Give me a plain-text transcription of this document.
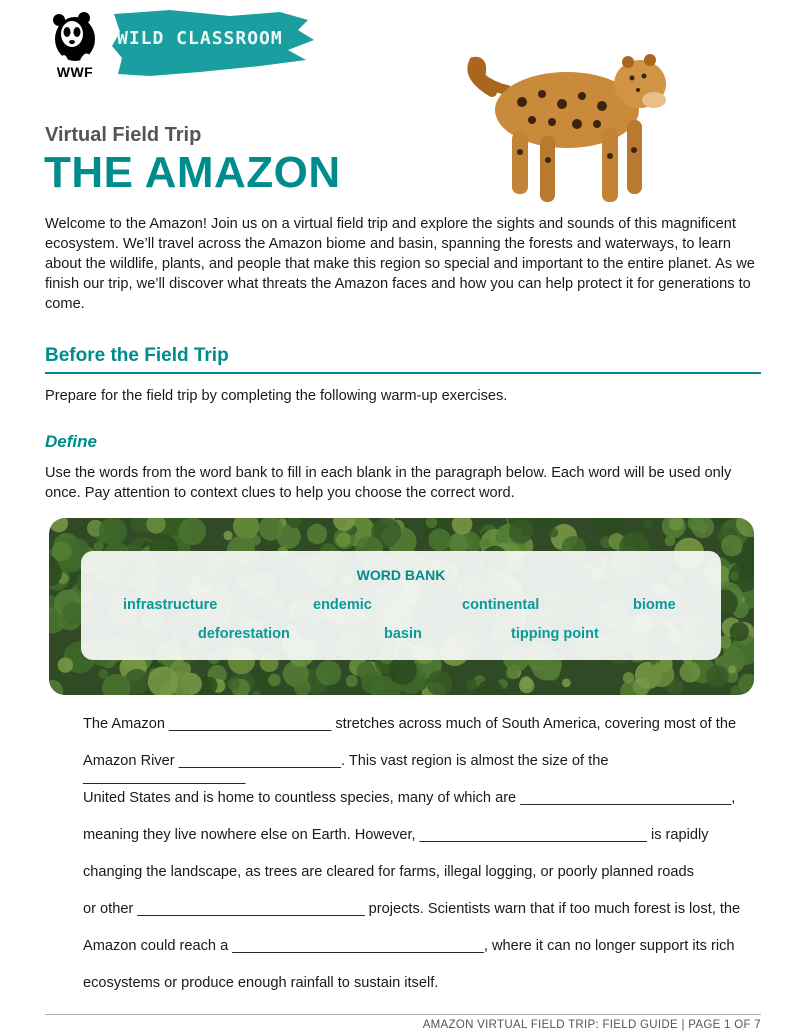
WWF
WILD CLASSROOM
Virtual Field Trip
THE AMAZON
Welcome to the Amazon! Join us on a virtual field trip and explore the sights and sounds of this magnificent ecosystem. We’ll travel across the Amazon biome and basin, spanning the forests and waterways, to learn about the wildlife, plants, and people that make this region so special and important to the entire planet. As we finish our trip, we’ll discover what threats the Amazon faces and how you can help protect it for generations to come.
Before the Field Trip
Prepare for the field trip by completing the following warm-up exercises.
Define
Use the words from the word bank to fill in each blank in the paragraph below. Each word will be used only once. Pay attention to context clues to help you choose the correct word.
WORD BANK
infrastructure	endemic	continental	biome
deforestation	basin	tipping point
The Amazon ____________________ stretches across much of South America, covering most of the
Amazon River ____________________. This vast region is almost the size of the ____________________
United States and is home to countless species, many of which are __________________________,
meaning they live nowhere else on Earth. However, ____________________________ is rapidly
changing the landscape, as trees are cleared for farms, illegal logging, or poorly planned roads
or other ____________________________ projects. Scientists warn that if too much forest is lost, the
Amazon could reach a _______________________________, where it can no longer support its rich
ecosystems or produce enough rainfall to sustain itself.
AMAZON VIRTUAL FIELD TRIP: FIELD GUIDE | PAGE 1 OF 7
